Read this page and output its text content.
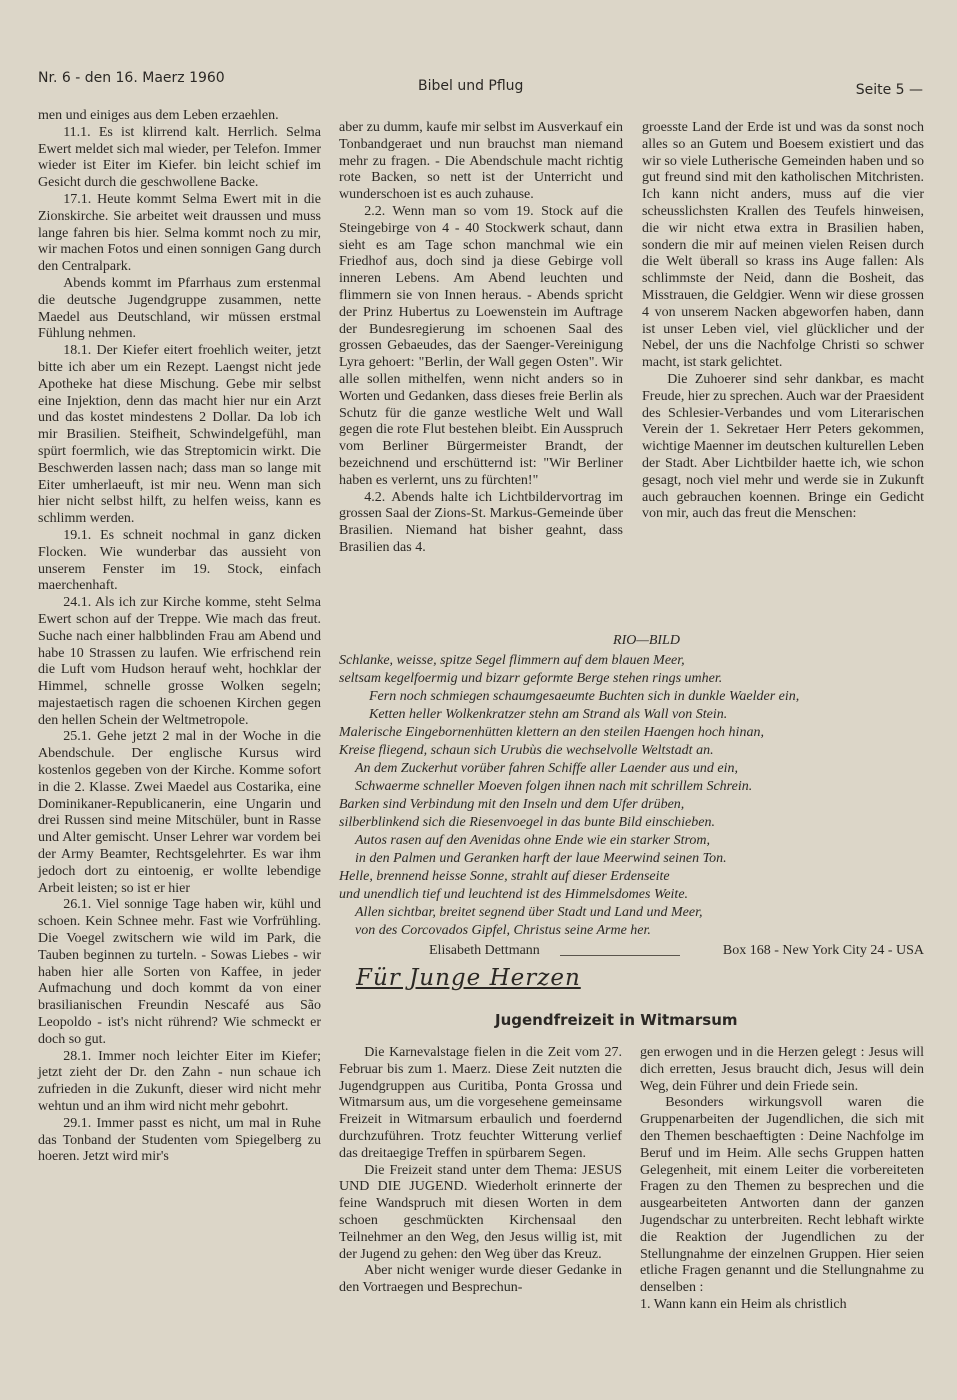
Nr. 6 - den 16. Maerz 1960	Bibel und Pflug	Seite 5 —

men und einiges aus dem Leben erzaehlen.

11.1. Es ist klirrend kalt. Herrlich. Selma Ewert meldet sich mal wieder, per Telefon. Immer wieder ist Eiter im Kiefer. bin leicht schief im Gesicht durch die geschwollene Backe.

17.1. Heute kommt Selma Ewert mit in die Zionskirche. Sie arbeitet weit draussen und muss lange fahren bis hier. Selma kommt noch zu mir, wir machen Fotos und einen sonnigen Gang durch den Centralpark.

Abends kommt im Pfarrhaus zum erstenmal die deutsche Jugendgruppe zusammen, nette Maedel aus Deutschland, wir müssen erstmal Fühlung nehmen.

18.1. Der Kiefer eitert froehlich weiter, jetzt bitte ich aber um ein Rezept. Laengst nicht jede Apotheke hat diese Mischung. Gebe mir selbst eine Injektion, denn das macht hier nur ein Arzt und das kostet mindestens 2 Dollar. Da lob ich mir Brasilien. Steifheit, Schwindelgefühl, man spürt foermlich, wie das Streptomicin wirkt. Die Beschwerden lassen nach; dass man so lange mit Eiter umherlaeuft, ist mir neu. Wenn man sich hier nicht selbst hilft, zu helfen weiss, kann es schlimm werden.

19.1. Es schneit nochmal in ganz dicken Flocken. Wie wunderbar das aussieht von unserem Fenster im 19. Stock, einfach maerchenhaft.

24.1. Als ich zur Kirche komme, steht Selma Ewert schon auf der Treppe. Wie mach das freut. Suche nach einer halbblinden Frau am Abend und habe 10 Strassen zu laufen. Wie erfrischend rein die Luft vom Hudson herauf weht, hochklar der Himmel, schnelle grosse Wolken segeln; majestaetisch ragen die schoenen Kirchen gegen den hellen Schein der Weltmetropole.

25.1. Gehe jetzt 2 mal in der Woche in die Abendschule. Der englische Kursus wird kostenlos gegeben von der Kirche. Komme sofort in die 2. Klasse. Zwei Maedel aus Costarika, eine Dominikaner-Republicanerin, eine Ungarin und drei Russen sind meine Mitschüler, bunt in Rasse und Alter gemischt. Unser Lehrer war vordem bei der Army Beamter, Rechtsgelehrter. Es war ihm jedoch dort zu eintoenig, er wollte lebendige Arbeit leisten; so ist er hier

26.1. Viel sonnige Tage haben wir, kühl und schoen. Kein Schnee mehr. Fast wie Vorfrühling. Die Voegel zwitschern wie wild im Park, die Tauben beginnen zu turteln. - Sowas Liebes - wir haben hier alle Sorten von Kaffee, in jeder Aufmachung und doch kommt da von einer brasilianischen Freundin Nescafé aus São Leopoldo - ist's nicht rührend? Wie schmeckt er doch so gut.

28.1. Immer noch leichter Eiter im Kiefer; jetzt zieht der Dr. den Zahn - nun schaue ich zufrieden in die Zukunft, dieser wird nicht mehr wehtun und an ihm wird nicht mehr gebohrt.

29.1. Immer passt es nicht, um mal in Ruhe das Tonband der Studenten vom Spiegelberg zu hoeren. Jetzt wird mir's

aber zu dumm, kaufe mir selbst im Ausverkauf ein Tonbandgeraet und nun brauchst man niemand mehr zu fragen. - Die Abendschule macht richtig rote Backen, so nett ist der Unterricht und wunderschoen ist es auch zuhause.

2.2. Wenn man so vom 19. Stock auf die Steingebirge von 4 - 40 Stockwerk schaut, dann sieht es am Tage schon manchmal wie ein Friedhof aus, doch sind ja diese Gebirge voll inneren Lebens. Am Abend leuchten und flimmern sie von Innen heraus. - Abends spricht der Prinz Hubertus zu Loewenstein im Auftrage der Bundesregierung im schoenen Saal des grossen Gebaeudes, das der Saenger-Vereinigung Lyra gehoert: "Berlin, der Wall gegen Osten". Wir alle sollen mithelfen, wenn nicht anders so in Worten und Gedanken, dass dieses freie Berlin als Schutz für die ganze westliche Welt und Wall gegen die rote Flut bestehen bleibt. Ein Ausspruch vom Berliner Bürgermeister Brandt, der bezeichnend und erschütternd ist: "Wir Berliner haben es verlernt, uns zu fürchten!"

4.2. Abends halte ich Lichtbildervortrag im grossen Saal der Zions-St. Markus-Gemeinde über Brasilien. Niemand hat bisher geahnt, dass Brasilien das 4.

groesste Land der Erde ist und was da sonst noch alles so an Gutem und Boesem existiert und das wir so viele Lutherische Gemeinden haben und so gut freund sind mit den katholischen Mitchristen. Ich kann nicht anders, muss auf die vier scheusslichsten Krallen des Teufels hinweisen, die wir nicht etwa extra in Brasilien haben, sondern die mir auf meinen vielen Reisen durch die Welt überall so krass ins Auge fallen: Als schlimmste der Neid, dann die Bosheit, das Misstrauen, die Geldgier. Wenn wir diese grossen 4 von unserem Nacken abgeworfen haben, dann ist unser Leben viel, viel glücklicher und der Nebel, der uns die Nachfolge Christi so schwer macht, ist stark gelichtet.

Die Zuhoerer sind sehr dankbar, es macht Freude, hier zu sprechen. Auch war der Praesident des Schlesier-Verbandes und vom Literarischen Verein der 1. Sekretaer Herr Peters gekommen, wichtige Maenner im deutschen kulturellen Leben der Stadt. Aber Lichtbilder haette ich, wie schon gesagt, noch viel mehr und werde sie in Zukunft auch gebrauchen koennen. Bringe ein Gedicht von mir, auch das freut die Menschen:

RIO—BILD
Schlanke, weisse, spitze Segel flimmern auf dem blauen Meer,
seltsam kegelfoermig und bizarr geformte Berge stehen rings umher.
Fern noch schmiegen schaumgesaeumte Buchten sich in dunkle Waelder ein,
Ketten heller Wolkenkratzer stehn am Strand als Wall von Stein.
Malerische Eingebornenhütten klettern an den steilen Haengen hoch hinan,
Kreise fliegend, schaun sich Urubùs die wechselvolle Weltstadt an.
An dem Zuckerhut vorüber fahren Schiffe aller Laender aus und ein,
Schwaerme schneller Moeven folgen ihnen nach mit schrillem Schrein.
Barken sind Verbindung mit den Inseln und dem Ufer drüben,
silberblinkend sich die Riesenvoegel in das bunte Bild einschieben.
Autos rasen auf den Avenidas ohne Ende wie ein starker Strom,
in den Palmen und Geranken harft der laue Meerwind seinen Ton.
Helle, brennend heisse Sonne, strahlt auf dieser Erdenseite
und unendlich tief und leuchtend ist des Himmelsdomes Weite.
Allen sichtbar, breitet segnend über Stadt und Land und Meer,
von des Corcovados Gipfel, Christus seine Arme her.
Elisabeth Dettmann	Box 168 - New York City 24 - USA
Für Junge Herzen
Jugendfreizeit in Witmarsum

Die Karnevalstage fielen in die Zeit vom 27. Februar bis zum 1. Maerz. Diese Zeit nutzten die Jugendgruppen aus Curitiba, Ponta Grossa und Witmarsum aus, um die vorgesehene gemeinsame Freizeit in Witmarsum erbaulich und foerdernd durchzuführen. Trotz feuchter Witterung verlief das dreitaegige Treffen in spürbarem Segen.

Die Freizeit stand unter dem Thema: JESUS UND DIE JUGEND. Wiederholt erinnerte der feine Wandspruch mit diesen Worten in dem schoen geschmückten Kirchensaal den Teilnehmer an den Weg, den Jesus willig ist, mit der Jugend zu gehen: den Weg über das Kreuz.

Aber nicht weniger wurde dieser Gedanke in den Vortraegen und Besprechun-

gen erwogen und in die Herzen gelegt : Jesus will dich erretten, Jesus braucht dich, Jesus will dein Weg, dein Führer und dein Friede sein.

Besonders wirkungsvoll waren die Gruppenarbeiten der Jugendlichen, die sich mit den Themen beschaeftigten : Deine Nachfolge im Beruf und im Heim. Alle sechs Gruppen hatten Gelegenheit, mit einem Leiter die vorbereiteten Fragen zu den Themen zu besprechen und die ausgearbeiteten Antworten dann der ganzen Jugendschar zu unterbreiten. Recht lebhaft wirkte die Reaktion der Jugendlichen zu der Stellungnahme der einzelnen Gruppen. Hier seien etliche Fragen genannt und die Stellungnahme zu denselben :

1. Wann kann ein Heim als christlich
